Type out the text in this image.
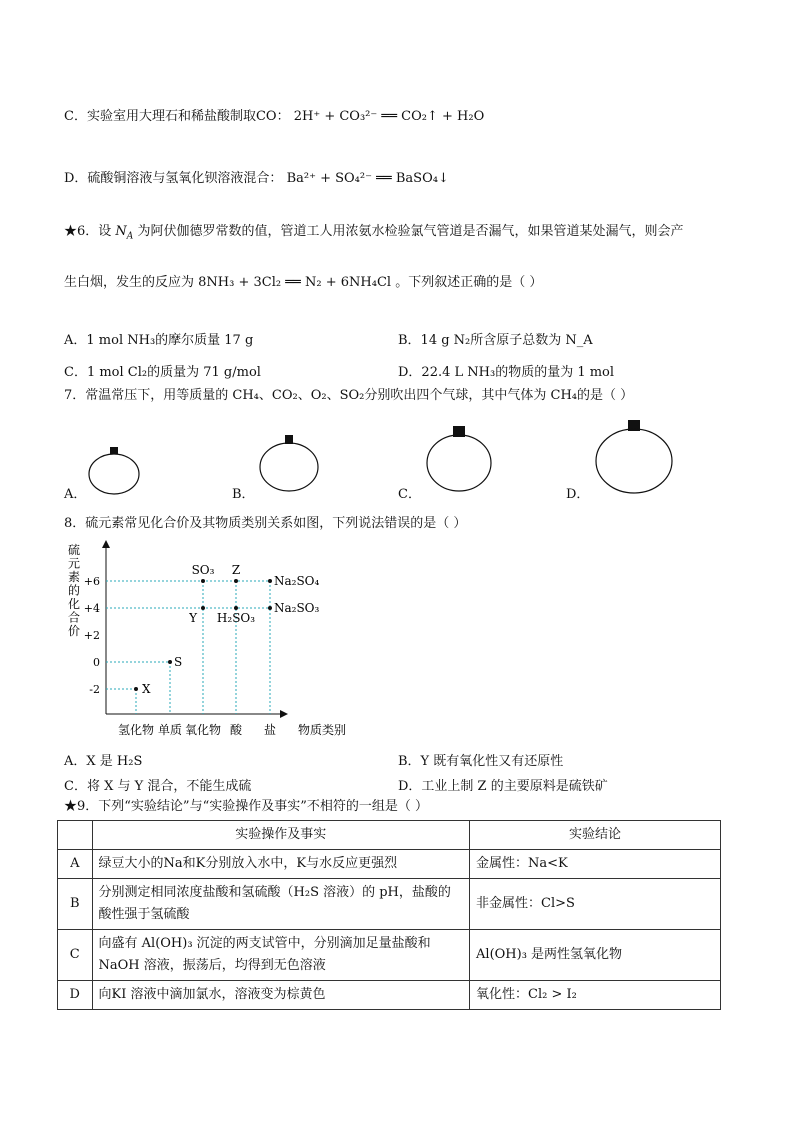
C．实验室用大理石和稀盐酸制取CO： 2H⁺ + CO₃²⁻ ══ CO₂↑ + H₂O
D．硫酸铜溶液与氢氧化钡溶液混合： Ba²⁺ + SO₄²⁻ ══ BaSO₄↓
★6．设 $N_A$ 为阿伏伽德罗常数的值，管道工人用浓氨水检验氯气管道是否漏气，如果管道某处漏气，则会产
生白烟，发生的反应为 8NH₃ + 3Cl₂ ══ N₂ + 6NH₄Cl 。下列叙述正确的是（ ）
A．1 mol NH₃的摩尔质量 17 g	B．14 g N₂所含原子总数为 N_A
C．1 mol Cl₂的质量为 71 g/mol	D．22.4 L NH₃的物质的量为 1 mol
7．常温常压下，用等质量的 CH₄、CO₂、O₂、SO₂分别吹出四个气球，其中气体为 CH₄的是（ ）
A．	B．	C．	D．
8．硫元素常见化合价及其物质类别关系如图，下列说法错误的是（ ）
硫元素的化合价
-2
0
+2
+4
+6
氢化物 单质 氧化物 酸 盐
X
S
Y
SO₃
H₂SO₃
Z
Na₂SO₃
Na₂SO₄
物质类别
A．X 是 H₂S	B．Y 既有氧化性又有还原性
C．将 X 与 Y 混合，不能生成硫	D．工业上制 Z 的主要原料是硫铁矿
★9．下列“实验结论”与“实验操作及事实”不相符的一组是（ ）
	实验操作及事实	实验结论
A	绿豆大小的Na和K分别放入水中，K与水反应更强烈	金属性：Na<K
B	分别测定相同浓度盐酸和氢硫酸（H₂S 溶液）的 pH，盐酸的酸性强于氢硫酸	非金属性：Cl>S
C	向盛有 Al(OH)₃ 沉淀的两支试管中，分别滴加足量盐酸和 NaOH 溶液，振荡后，均得到无色溶液	Al(OH)₃ 是两性氢氧化物
D	向KI 溶液中滴加氯水，溶液变为棕黄色	氧化性：Cl₂ > I₂
